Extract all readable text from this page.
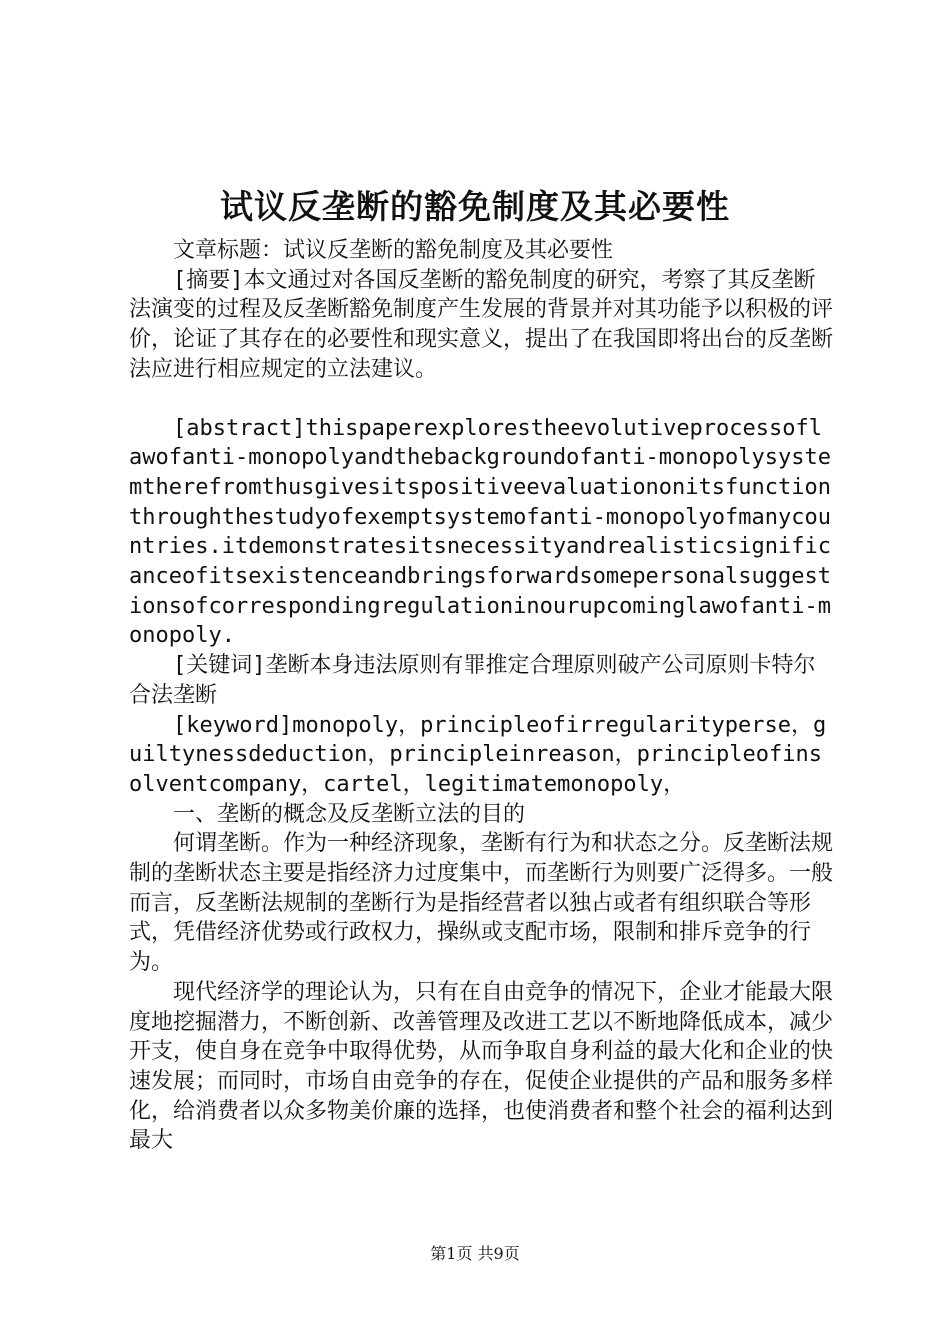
试议反垄断的豁免制度及其必要性

文章标题：试议反垄断的豁免制度及其必要性

[摘要]本文通过对各国反垄断的豁免制度的研究，考察了其反垄断法演变的过程及反垄断豁免制度产生发展的背景并对其功能予以积极的评价，论证了其存在的必要性和现实意义，提出了在我国即将出台的反垄断法应进行相应规定的立法建议。

[abstract]thispaperexplorestheevolutiveprocessoflawofanti-monopolyandthebackgroundofanti-monopolysystemtherefromthusgivesitspositiveevaluationonitsfunctionthroughthestudyofexemptsystemofanti-monopolyofmanycountries.itdemonstratesitsnecessityandrealisticsignificanceofitsexistenceandbringsforwardsomepersonalsuggestionsofcorrespondingregulationinourupcominglawofanti-monopoly.

[关键词]垄断本身违法原则有罪推定合理原则破产公司原则卡特尔合法垄断

[keyword]monopoly，principleofirregularityperse，guiltynessdeduction，principleinreason，principleofinsolventcompany，cartel，legitimatemonopoly，

一、垄断的概念及反垄断立法的目的

何谓垄断。作为一种经济现象，垄断有行为和状态之分。反垄断法规制的垄断状态主要是指经济力过度集中，而垄断行为则要广泛得多。一般而言，反垄断法规制的垄断行为是指经营者以独占或者有组织联合等形式，凭借经济优势或行政权力，操纵或支配市场，限制和排斥竞争的行为。

现代经济学的理论认为，只有在自由竞争的情况下，企业才能最大限度地挖掘潜力，不断创新、改善管理及改进工艺以不断地降低成本，减少开支，使自身在竞争中取得优势，从而争取自身利益的最大化和企业的快速发展；而同时，市场自由竞争的存在，促使企业提供的产品和服务多样化，给消费者以众多物美价廉的选择，也使消费者和整个社会的福利达到最大

第1页 共9页
